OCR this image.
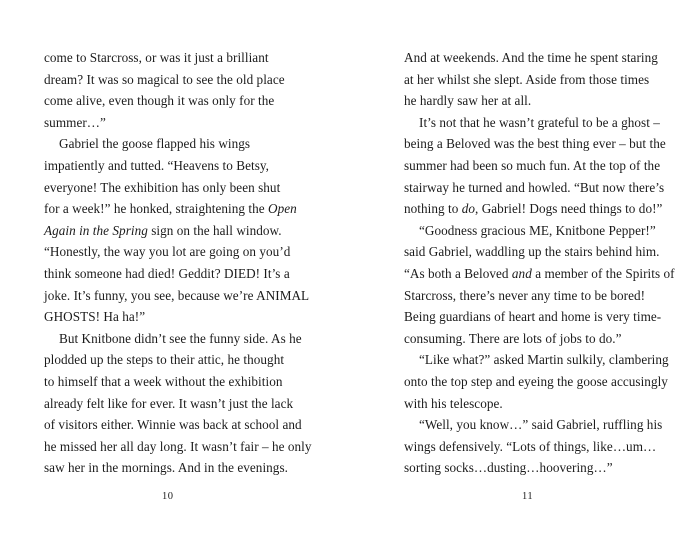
come to Starcross, or was it just a brilliant
dream? It was so magical to see the old place
come alive, even though it was only for the
summer…”
Gabriel the goose flapped his wings
impatiently and tutted. “Heavens to Betsy,
everyone! The exhibition has only been shut
for a week!” he honked, straightening the Open
Again in the Spring sign on the hall window.
“Honestly, the way you lot are going on you’d
think someone had died! Geddit? DIED! It’s a
joke. It’s funny, you see, because we’re ANIMAL
GHOSTS! Ha ha!”
But Knitbone didn’t see the funny side. As he
plodded up the steps to their attic, he thought
to himself that a week without the exhibition
already felt like for ever. It wasn’t just the lack
of visitors either. Winnie was back at school and
he missed her all day long. It wasn’t fair – he only
saw her in the mornings. And in the evenings.
10
And at weekends. And the time he spent staring
at her whilst she slept. Aside from those times
he hardly saw her at all.
It’s not that he wasn’t grateful to be a ghost –
being a Beloved was the best thing ever – but the
summer had been so much fun. At the top of the
stairway he turned and howled. “But now there’s
nothing to do, Gabriel! Dogs need things to do!”
“Goodness gracious ME, Knitbone Pepper!”
said Gabriel, waddling up the stairs behind him.
“As both a Beloved and a member of the Spirits of
Starcross, there’s never any time to be bored!
Being guardians of heart and home is very time-
consuming. There are lots of jobs to do.”
“Like what?” asked Martin sulkily, clambering
onto the top step and eyeing the goose accusingly
with his telescope.
“Well, you know…” said Gabriel, ruffling his
wings defensively. “Lots of things, like…um…
sorting socks…dusting…hoovering…”
11
